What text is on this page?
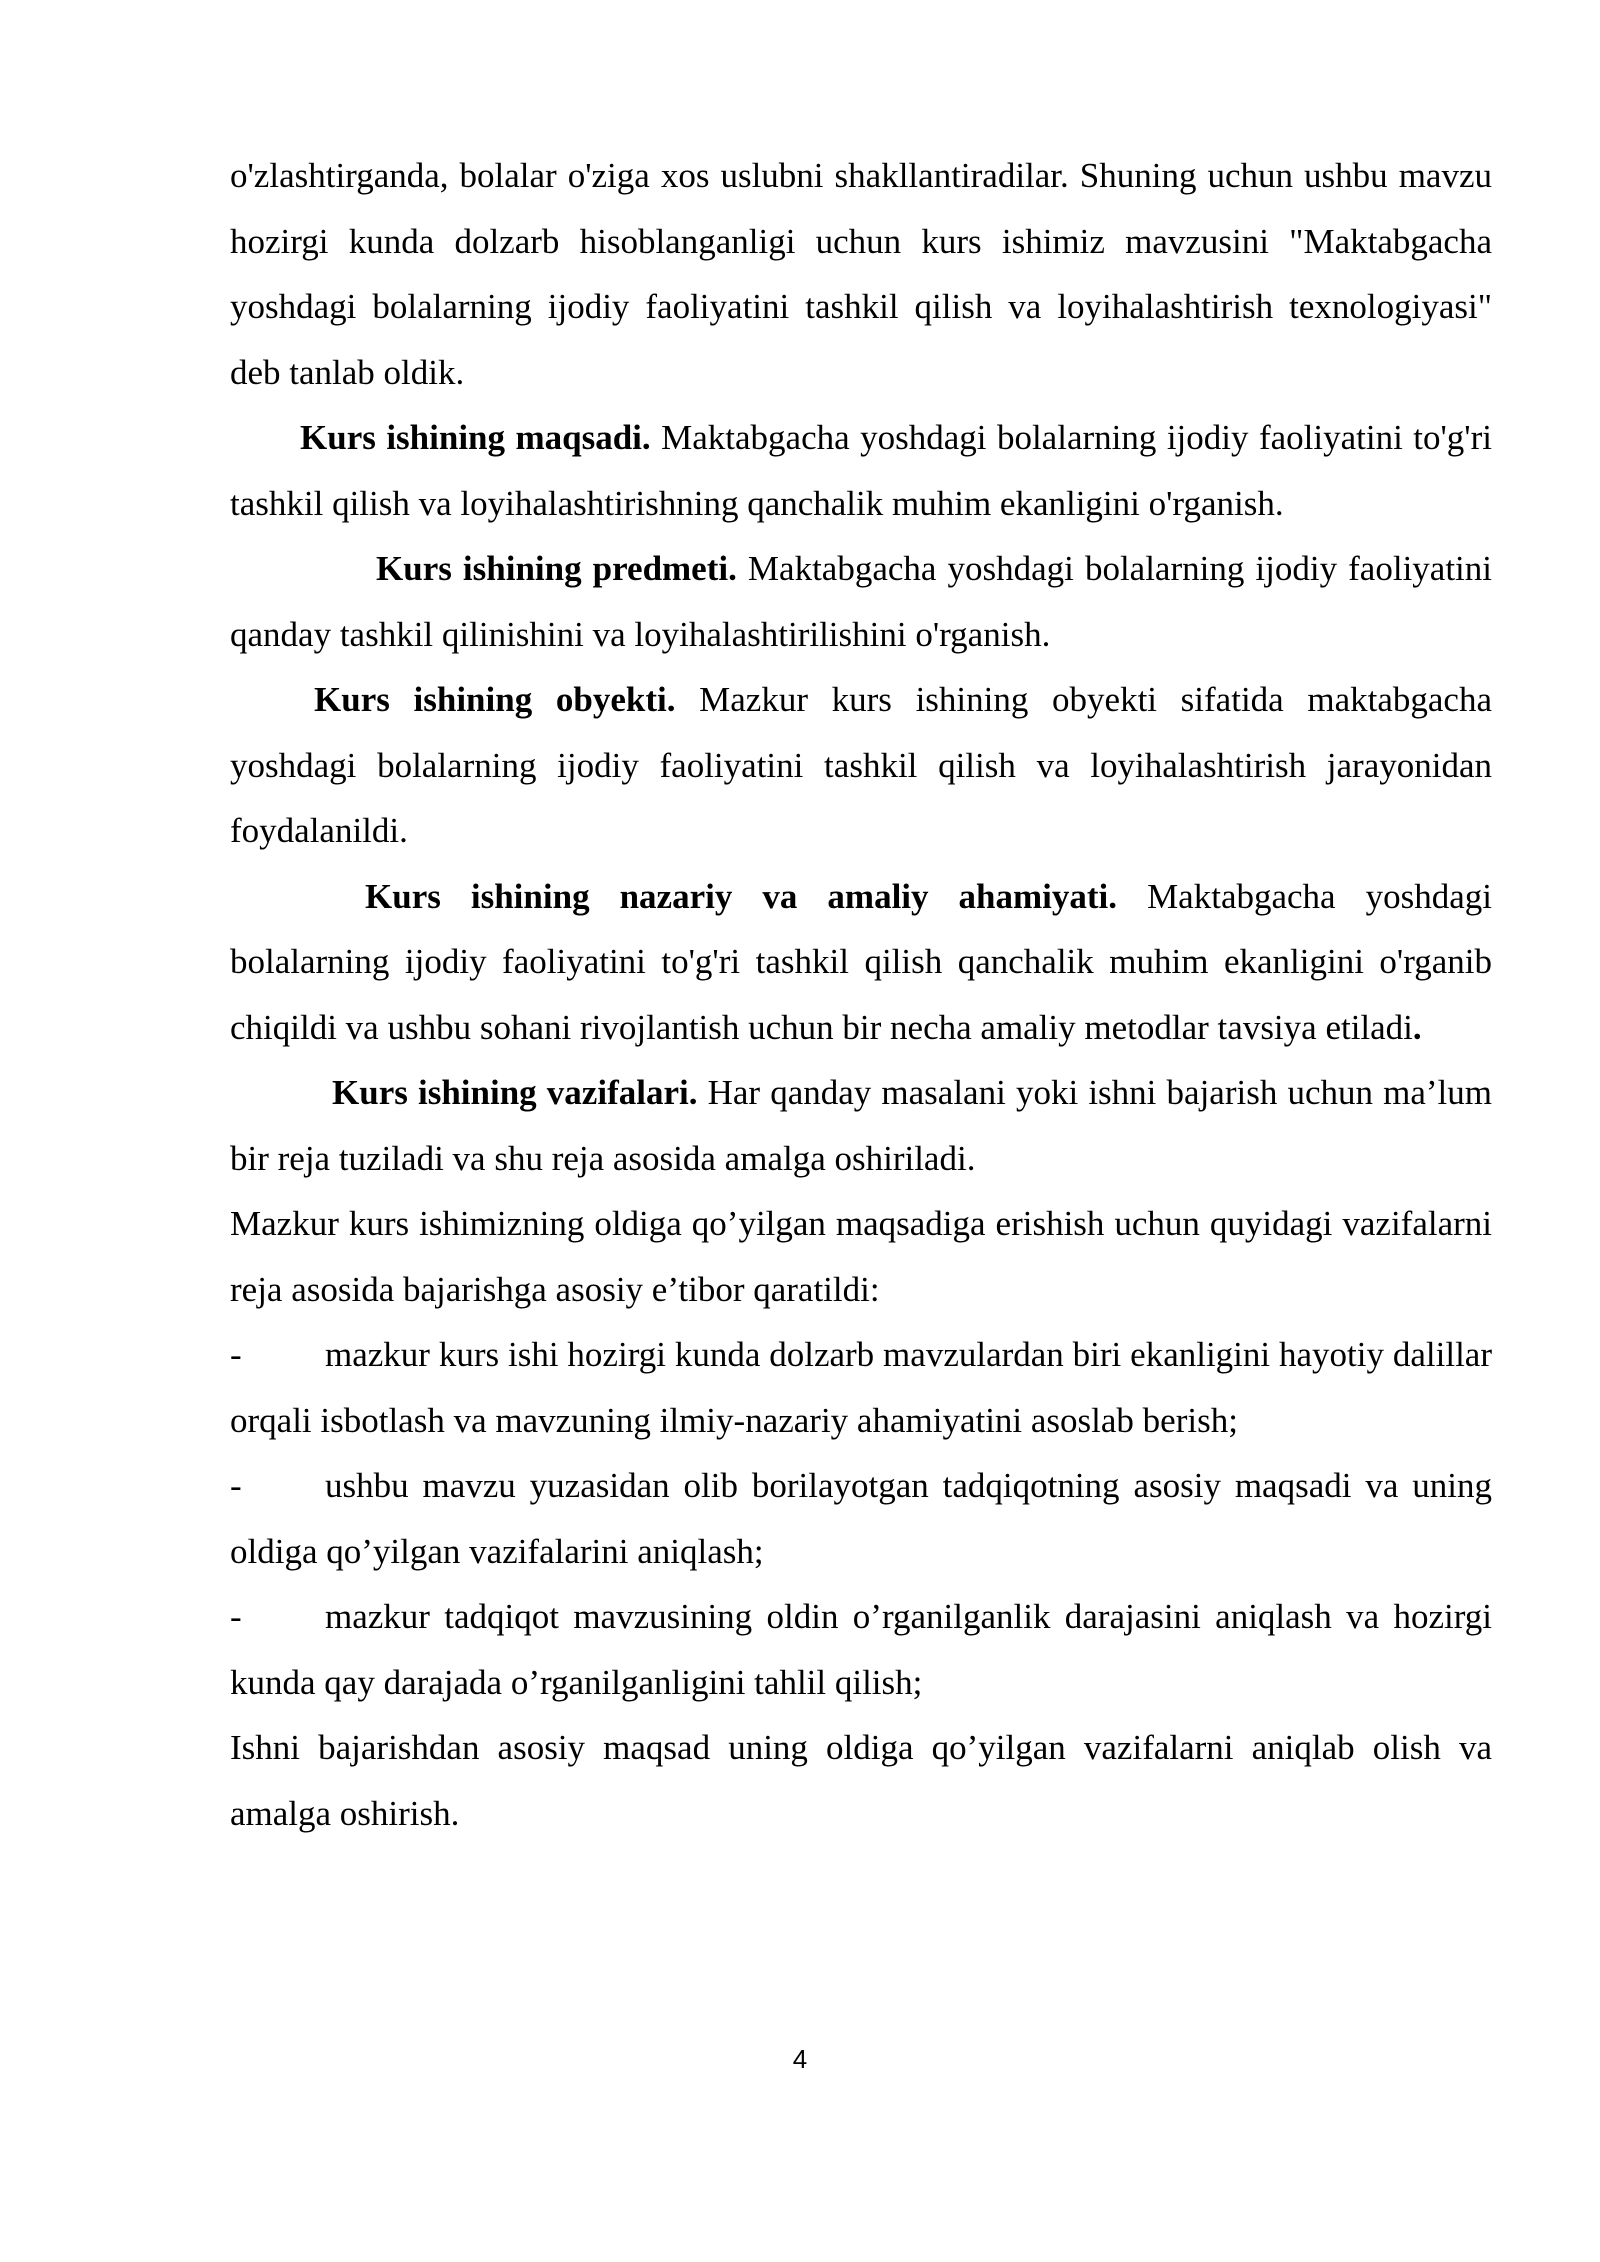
o'zlashtirganda, bolalar o'ziga xos uslubni shakllantiradilar. Shuning uchun ushbu mavzu hozirgi kunda dolzarb hisoblanganligi uchun kurs ishimiz mavzusini "Maktabgacha yoshdagi bolalarning ijodiy faoliyatini tashkil qilish va loyihalashtirish texnologiyasi" deb tanlab oldik.

Kurs ishining maqsadi. Maktabgacha yoshdagi bolalarning ijodiy faoliyatini to'g'ri tashkil qilish va loyihalashtirishning qanchalik muhim ekanligini o'rganish.

Kurs ishining predmeti. Maktabgacha yoshdagi bolalarning ijodiy faoliyatini qanday tashkil qilinishini va loyihalashtirilishini o'rganish.

Kurs ishining obyekti. Mazkur kurs ishining obyekti sifatida maktabgacha yoshdagi bolalarning ijodiy faoliyatini tashkil qilish va loyihalashtirish jarayonidan foydalanildi.

Kurs ishining nazariy va amaliy ahamiyati. Maktabgacha yoshdagi bolalarning ijodiy faoliyatini to'g'ri tashkil qilish qanchalik muhim ekanligini o'rganib chiqildi va ushbu sohani rivojlantish uchun bir necha amaliy metodlar tavsiya etiladi.

Kurs ishining vazifalari. Har qanday masalani yoki ishni bajarish uchun ma’lum bir reja tuziladi va shu reja asosida amalga oshiriladi.

Mazkur kurs ishimizning oldiga qo’yilgan maqsadiga erishish uchun quyidagi vazifalarni reja asosida bajarishga asosiy e’tibor qaratildi:

- mazkur kurs ishi hozirgi kunda dolzarb mavzulardan biri ekanligini hayotiy dalillar orqali isbotlash va mavzuning ilmiy-nazariy ahamiyatini asoslab berish;

- ushbu mavzu yuzasidan olib borilayotgan tadqiqotning asosiy maqsadi va uning oldiga qo’yilgan vazifalarini aniqlash;

- mazkur tadqiqot mavzusining oldin o’rganilganlik darajasini aniqlash va hozirgi kunda qay darajada o’rganilganligini tahlil qilish;

Ishni bajarishdan asosiy maqsad uning oldiga qo’yilgan vazifalarni aniqlab olish va amalga oshirish.

4
